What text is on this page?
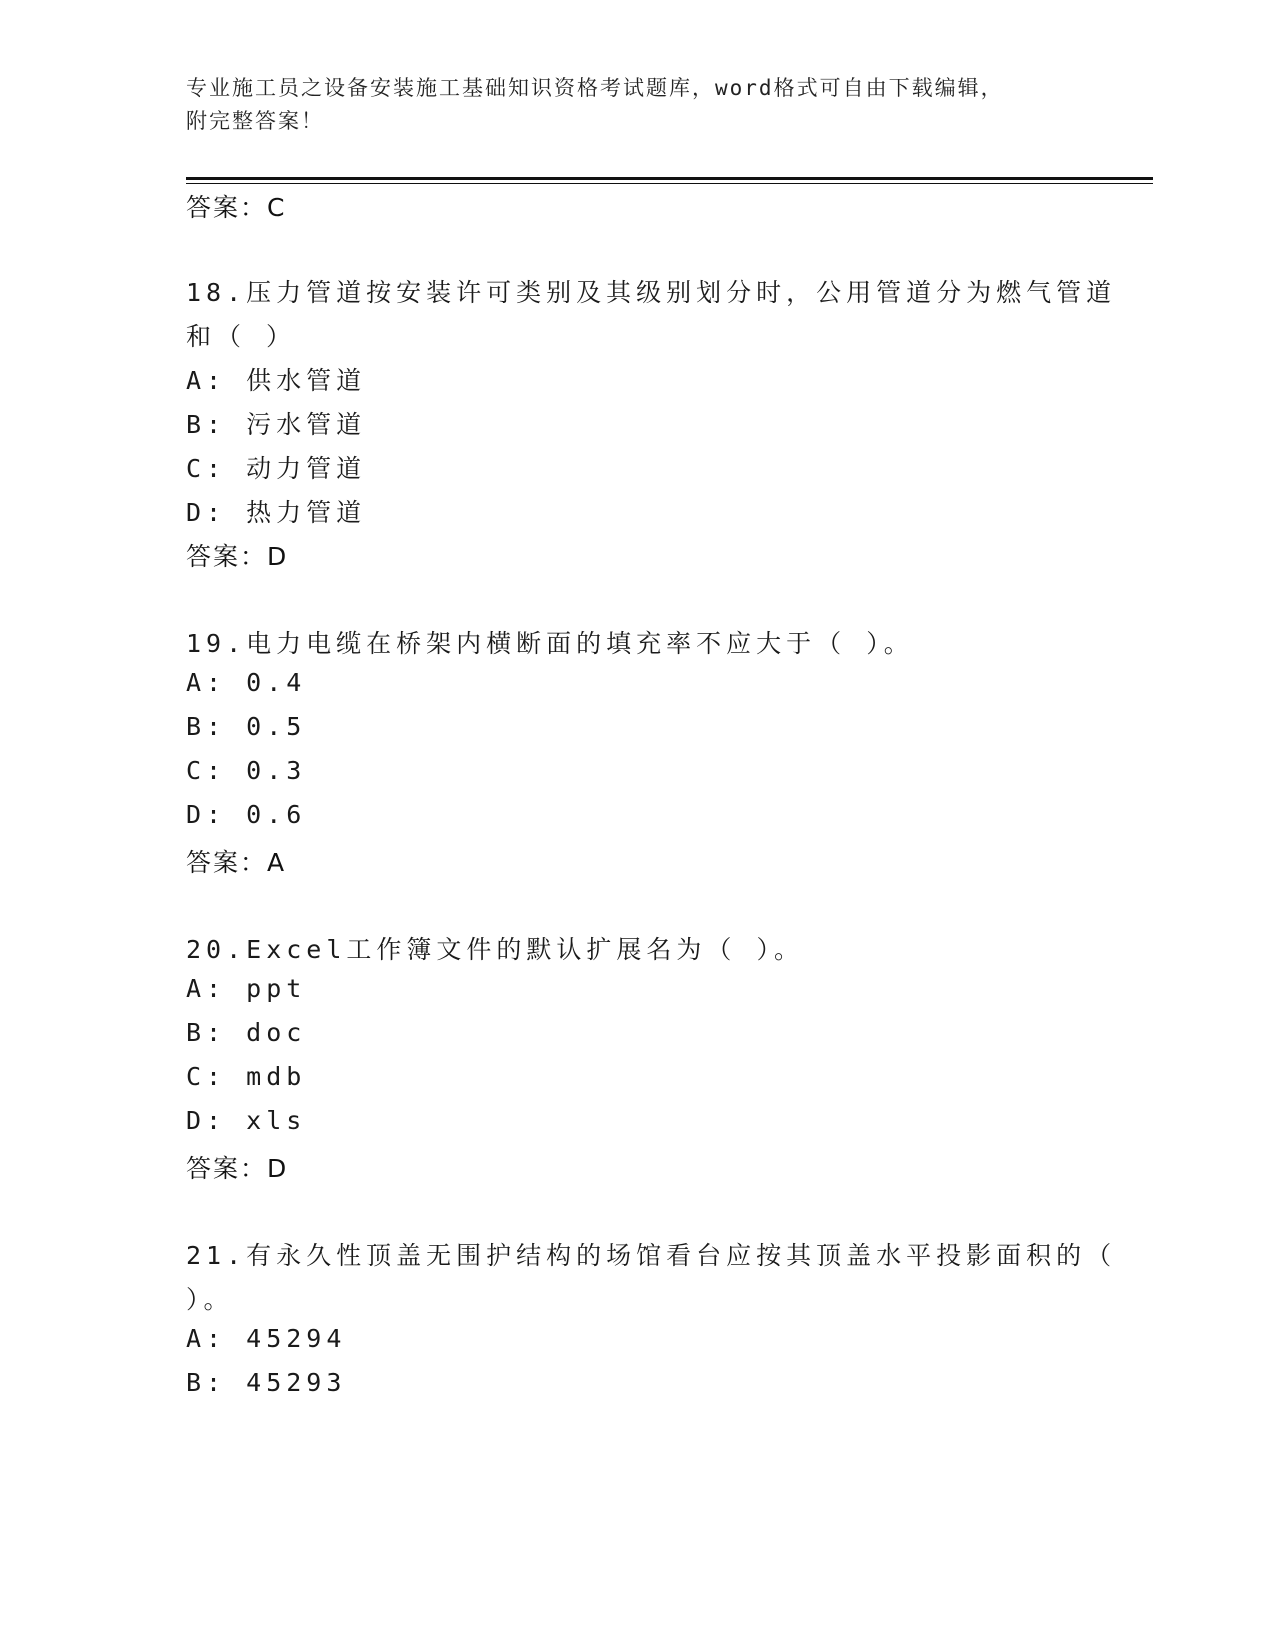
专业施工员之设备安装施工基础知识资格考试题库，word格式可自由下载编辑，
附完整答案！
答案：C
18.压力管道按安装许可类别及其级别划分时，公用管道分为燃气管道
和（ ）
A: 供水管道
B: 污水管道
C: 动力管道
D: 热力管道
答案：D
19.电力电缆在桥架内横断面的填充率不应大于（ ）。
A: 0.4
B: 0.5
C: 0.3
D: 0.6
答案：A
20.Excel工作簿文件的默认扩展名为（ ）。
A: ppt
B: doc
C: mdb
D: xls
答案：D
21.有永久性顶盖无围护结构的场馆看台应按其顶盖水平投影面积的（
）。
A: 45294
B: 45293
